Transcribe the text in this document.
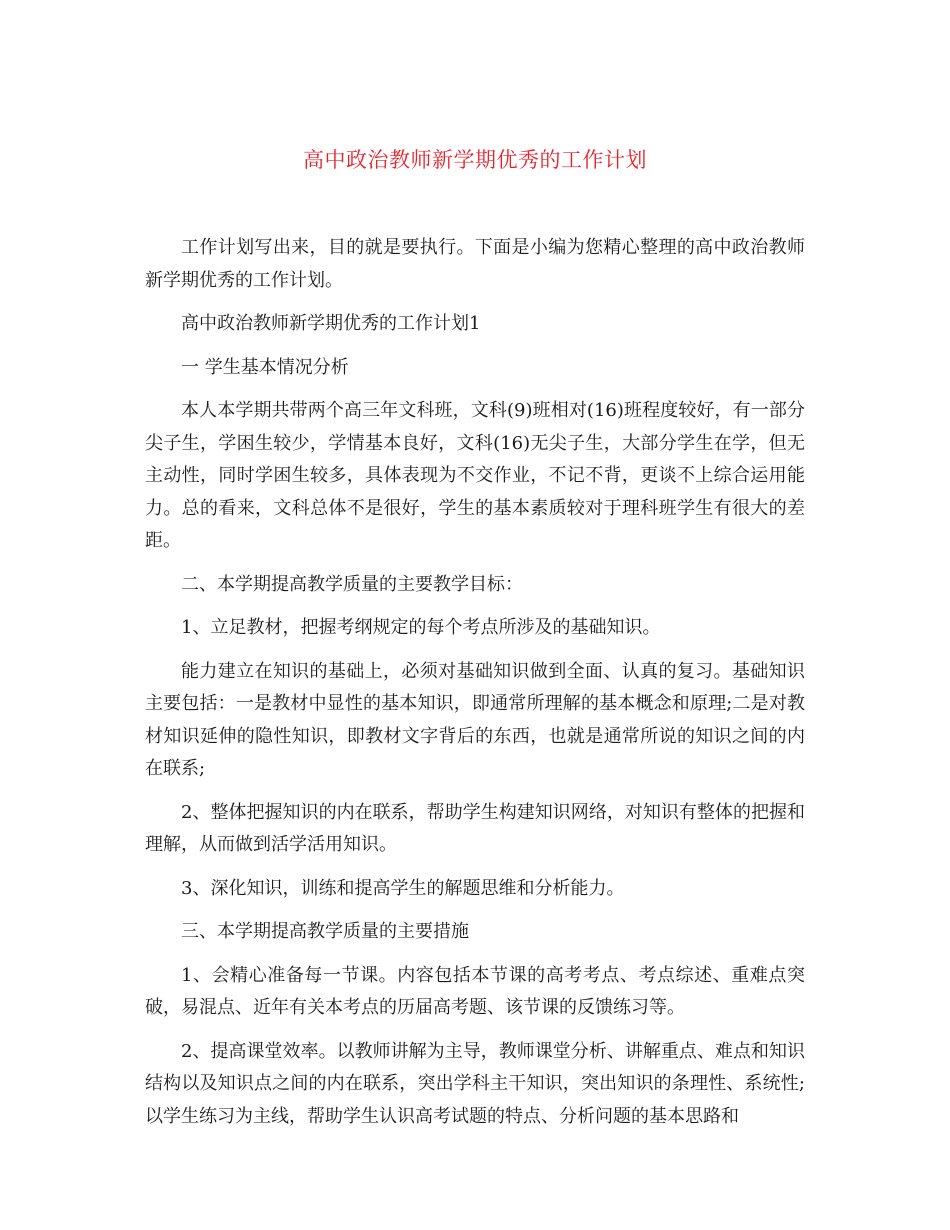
高中政治教师新学期优秀的工作计划

工作计划写出来，目的就是要执行。下面是小编为您精心整理的高中政治教师新学期优秀的工作计划。

高中政治教师新学期优秀的工作计划1

一 学生基本情况分析

本人本学期共带两个高三年文科班，文科(9)班相对(16)班程度较好，有一部分尖子生，学困生较少，学情基本良好，文科(16)无尖子生，大部分学生在学，但无主动性，同时学困生较多，具体表现为不交作业，不记不背，更谈不上综合运用能力。总的看来，文科总体不是很好，学生的基本素质较对于理科班学生有很大的差距。

二、本学期提高教学质量的主要教学目标：

1、立足教材，把握考纲规定的每个考点所涉及的基础知识。

能力建立在知识的基础上，必须对基础知识做到全面、认真的复习。基础知识主要包括：一是教材中显性的基本知识，即通常所理解的基本概念和原理;二是对教材知识延伸的隐性知识，即教材文字背后的东西，也就是通常所说的知识之间的内在联系;

2、整体把握知识的内在联系，帮助学生构建知识网络，对知识有整体的把握和理解，从而做到活学活用知识。

3、深化知识，训练和提高学生的解题思维和分析能力。

三、本学期提高教学质量的主要措施

1、会精心准备每一节课。内容包括本节课的高考考点、考点综述、重难点突破，易混点、近年有关本考点的历届高考题、该节课的反馈练习等。

2、提高课堂效率。以教师讲解为主导，教师课堂分析、讲解重点、难点和知识结构以及知识点之间的内在联系，突出学科主干知识，突出知识的条理性、系统性;以学生练习为主线，帮助学生认识高考试题的特点、分析问题的基本思路和
